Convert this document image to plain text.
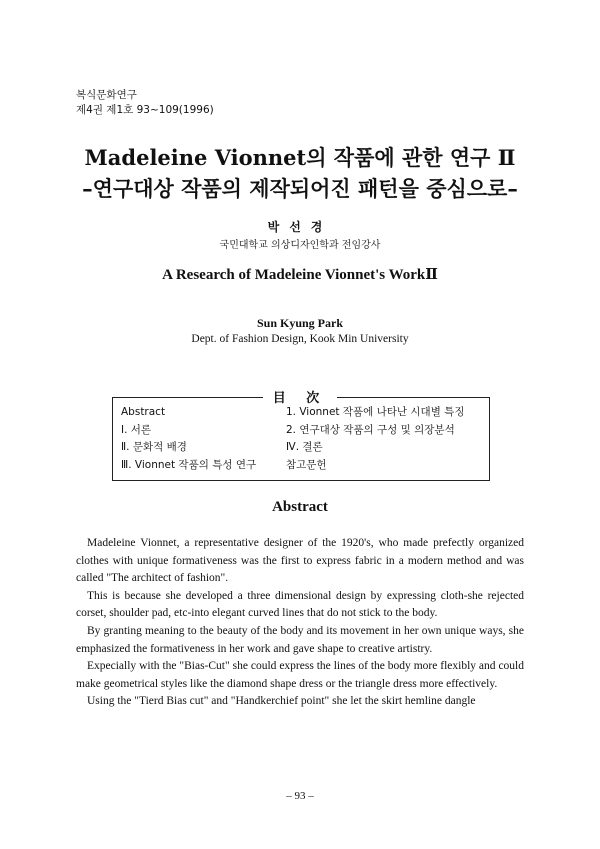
복식문화연구
제4권 제1호 93~109(1996)
Madeleine Vionnet의 작품에 관한 연구 Ⅱ
–연구대상 작품의 제작되어진 패턴을 중심으로–
박선경
국민대학교 의상디자인학과 전임강사
A Research of Madeleine Vionnet's WorkⅡ
Sun Kyung Park
Dept. of Fashion Design, Kook Min University
目 次
Abstract
Ⅰ. 서론
Ⅱ. 문화적 배경
Ⅲ. Vionnet 작품의 특성 연구
1. Vionnet 작품에 나타난 시대별 특징
2. 연구대상 작품의 구성 및 의장분석
Ⅳ. 결론
참고문헌
Abstract

Madeleine Vionnet, a representative designer of the 1920's, who made prefectly organized clothes with unique formativeness was the first to express fabric in a modern method and was called "The architect of fashion".

This is because she developed a three dimensional design by expressing cloth-she rejected corset, shoulder pad, etc-into elegant curved lines that do not stick to the body.

By granting meaning to the beauty of the body and its movement in her own unique ways, she emphasized the formativeness in her work and gave shape to creative artistry.

Expecially with the "Bias-Cut" she could express the lines of the body more flexibly and could make geometrical styles like the diamond shape dress or the triangle dress more effectively.

Using the "Tierd Bias cut" and "Handkerchief point" she let the skirt hemline dangle

– 93 –
